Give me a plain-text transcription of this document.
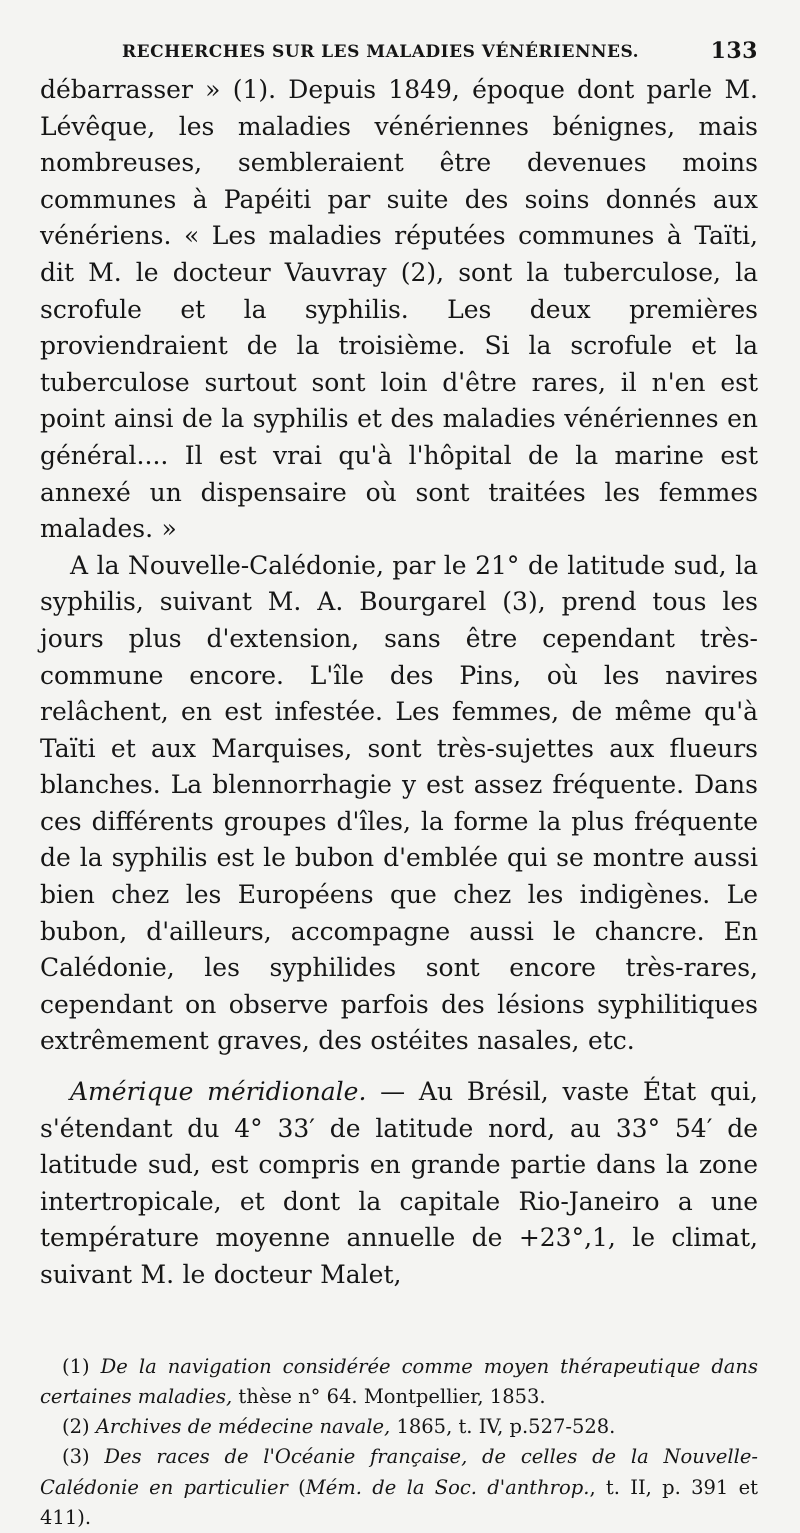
RECHERCHES SUR LES MALADIES VÉNÉRIENNES.	133

débarrasser » (1). Depuis 1849, époque dont parle M. Lévêque, les maladies vénériennes bénignes, mais nombreuses, sembleraient être devenues moins communes à Papéiti par suite des soins donnés aux vénériens. « Les maladies réputées communes à Taïti, dit M. le docteur Vauvray (2), sont la tuberculose, la scrofule et la syphilis. Les deux premières proviendraient de la troisième. Si la scrofule et la tuberculose surtout sont loin d'être rares, il n'en est point ainsi de la syphilis et des maladies vénériennes en général.... Il est vrai qu'à l'hôpital de la marine est annexé un dispensaire où sont traitées les femmes malades. »

A la Nouvelle-Calédonie, par le 21° de latitude sud, la syphilis, suivant M. A. Bourgarel (3), prend tous les jours plus d'extension, sans être cependant très-commune encore. L'île des Pins, où les navires relâchent, en est infestée. Les femmes, de même qu'à Taïti et aux Marquises, sont très-sujettes aux flueurs blanches. La blennorrhagie y est assez fréquente. Dans ces différents groupes d'îles, la forme la plus fréquente de la syphilis est le bubon d'emblée qui se montre aussi bien chez les Européens que chez les indigènes. Le bubon, d'ailleurs, accompagne aussi le chancre. En Calédonie, les syphilides sont encore très-rares, cependant on observe parfois des lésions syphilitiques extrêmement graves, des ostéites nasales, etc.

Amérique méridionale. — Au Brésil, vaste État qui, s'étendant du 4° 33′ de latitude nord, au 33° 54′ de latitude sud, est compris en grande partie dans la zone intertropicale, et dont la capitale Rio-Janeiro a une température moyenne annuelle de +23°,1, le climat, suivant M. le docteur Malet,

(1) De la navigation considérée comme moyen thérapeutique dans certaines maladies, thèse n° 64. Montpellier, 1853.

(2) Archives de médecine navale, 1865, t. IV, p.527-528.

(3) Des races de l'Océanie française, de celles de la Nouvelle-Calédonie en particulier (Mém. de la Soc. d'anthrop., t. II, p. 391 et 411).
